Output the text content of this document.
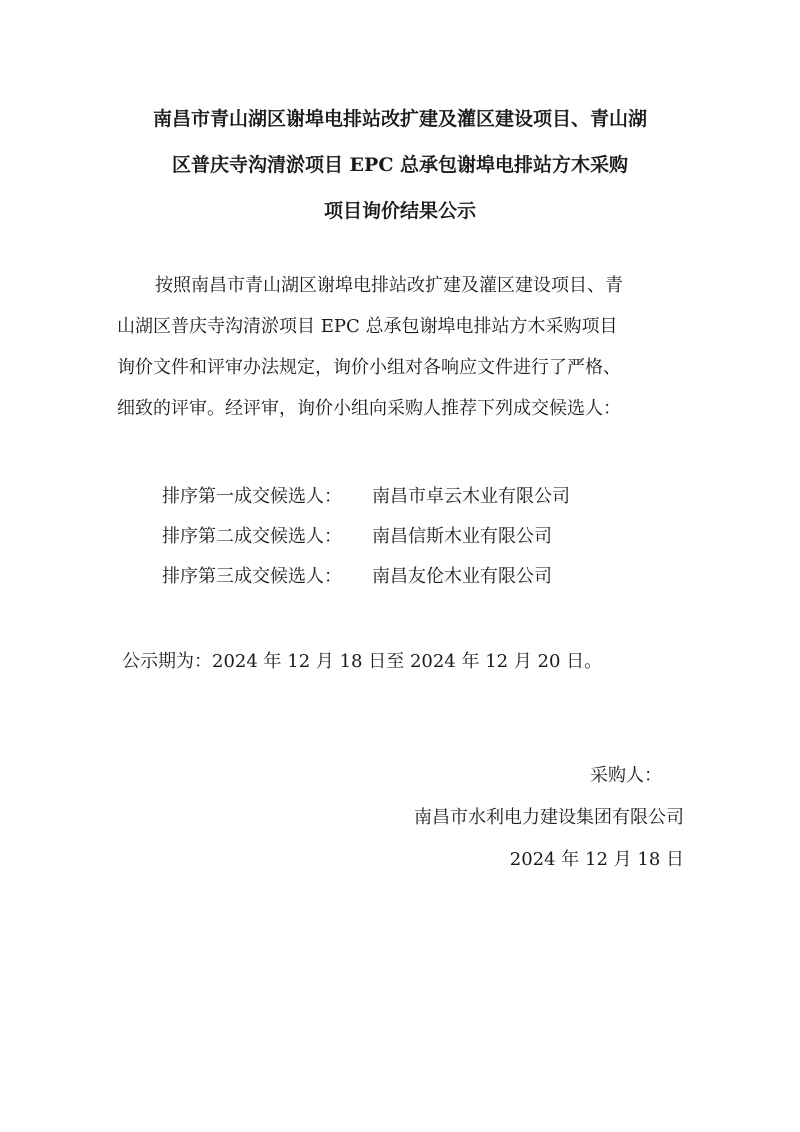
南昌市青山湖区谢埠电排站改扩建及灌区建设项目、青山湖
区普庆寺沟清淤项目 EPC 总承包谢埠电排站方木采购
项目询价结果公示
按照南昌市青山湖区谢埠电排站改扩建及灌区建设项目、青
山湖区普庆寺沟清淤项目 EPC 总承包谢埠电排站方木采购项目
询价文件和评审办法规定，询价小组对各响应文件进行了严格、
细致的评审。经评审，询价小组向采购人推荐下列成交候选人：
排序第一成交候选人： 南昌市卓云木业有限公司
排序第二成交候选人： 南昌信斯木业有限公司
排序第三成交候选人： 南昌友伦木业有限公司
公示期为：2024 年 12 月 18 日至 2024 年 12 月 20 日。
采购人：
南昌市水利电力建设集团有限公司
2024 年 12 月 18 日
